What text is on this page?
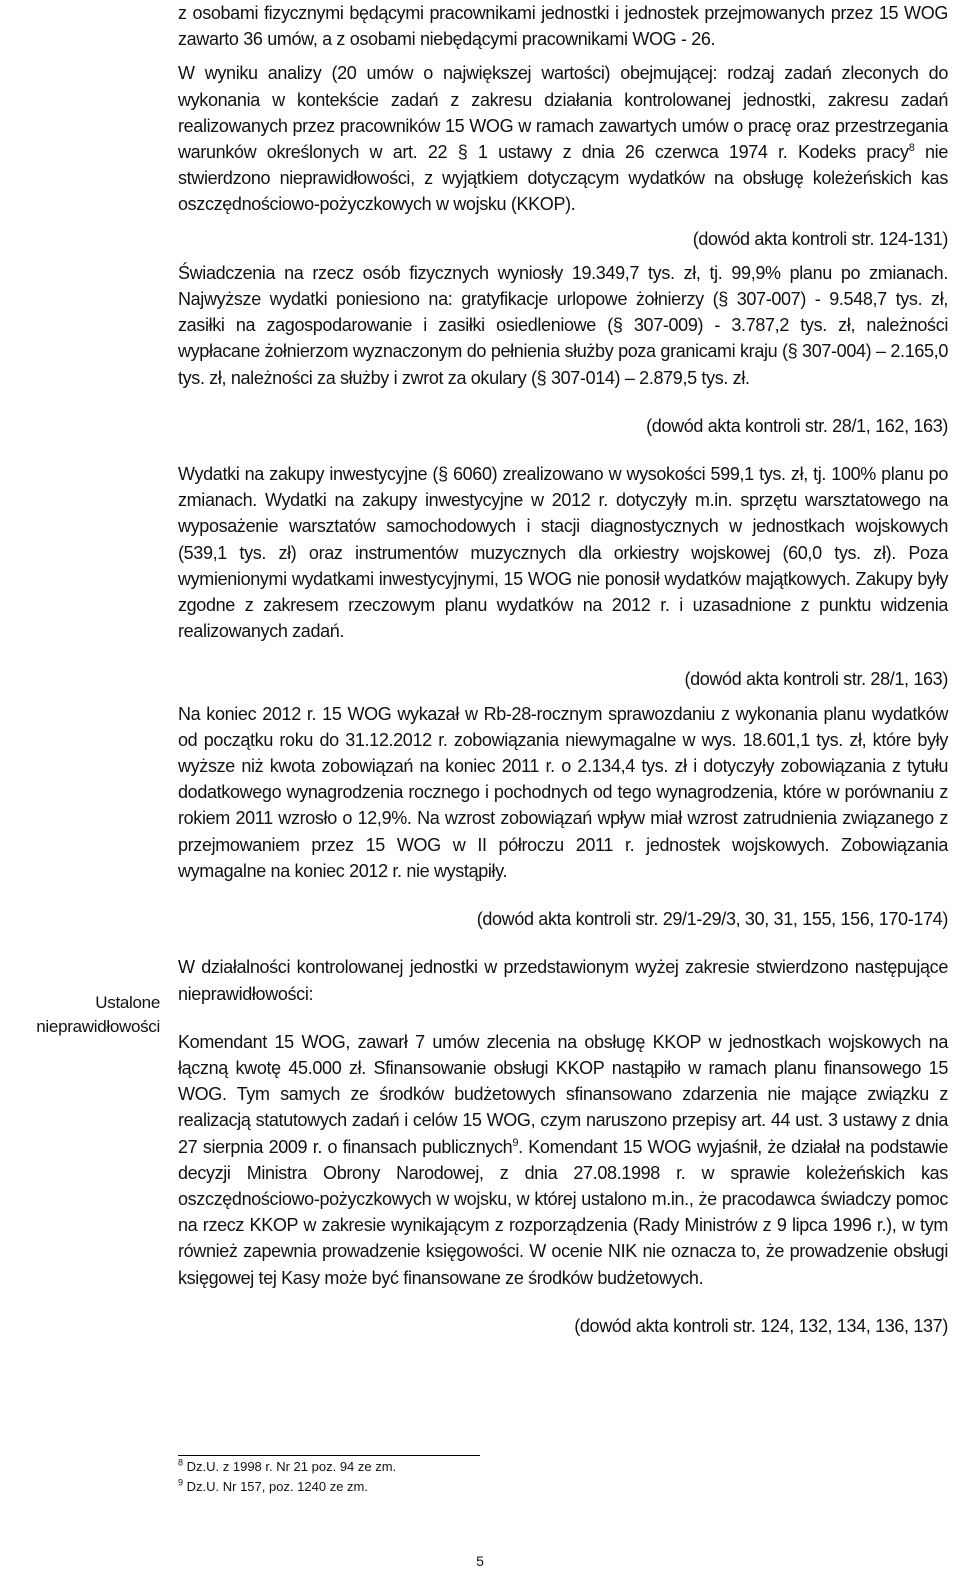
Ustalone
nieprawidłowości

z osobami fizycznymi będącymi pracownikami jednostki i jednostek przejmowanych przez 15 WOG zawarto 36 umów, a z osobami niebędącymi pracownikami WOG - 26.

W wyniku analizy (20 umów o największej wartości) obejmującej: rodzaj zadań zleconych do wykonania w kontekście zadań z zakresu działania kontrolowanej jednostki, zakresu zadań realizowanych przez pracowników 15 WOG w ramach zawartych umów o pracę oraz przestrzegania warunków określonych w art. 22 § 1 ustawy z dnia 26 czerwca 1974 r. Kodeks pracy$^8$ nie stwierdzono nieprawidłowości, z wyjątkiem dotyczącym wydatków na obsługę koleżeńskich kas oszczędnościowo-pożyczkowych w wojsku (KKOP).

(dowód akta kontroli str. 124-131)

Świadczenia na rzecz osób fizycznych wyniosły 19.349,7 tys. zł, tj. 99,9% planu po zmianach. Najwyższe wydatki poniesiono na: gratyfikacje urlopowe żołnierzy (§ 307-007) - 9.548,7 tys. zł, zasiłki na zagospodarowanie i zasiłki osiedleniowe (§ 307-009) - 3.787,2 tys. zł, należności wypłacane żołnierzom wyznaczonym do pełnienia służby poza granicami kraju (§ 307-004) – 2.165,0 tys. zł, należności za służby i zwrot za okulary (§ 307-014) – 2.879,5 tys. zł.

(dowód akta kontroli str. 28/1, 162, 163)

Wydatki na zakupy inwestycyjne (§ 6060) zrealizowano w wysokości 599,1 tys. zł, tj. 100% planu po zmianach. Wydatki na zakupy inwestycyjne w 2012 r. dotyczyły m.in. sprzętu warsztatowego na wyposażenie warsztatów samochodowych i stacji diagnostycznych w jednostkach wojskowych (539,1 tys. zł) oraz instrumentów muzycznych dla orkiestry wojskowej (60,0 tys. zł). Poza wymienionymi wydatkami inwestycyjnymi, 15 WOG nie ponosił wydatków majątkowych. Zakupy były zgodne z zakresem rzeczowym planu wydatków na 2012 r. i uzasadnione z punktu widzenia realizowanych zadań.

(dowód akta kontroli str. 28/1, 163)

Na koniec 2012 r. 15 WOG wykazał w Rb-28-rocznym sprawozdaniu z wykonania planu wydatków od początku roku do 31.12.2012 r. zobowiązania niewymagalne w wys. 18.601,1 tys. zł, które były wyższe niż kwota zobowiązań na koniec 2011 r. o 2.134,4 tys. zł i dotyczyły zobowiązania z tytułu dodatkowego wynagrodzenia rocznego i pochodnych od tego wynagrodzenia, które w porównaniu z rokiem 2011 wzrosło o 12,9%. Na wzrost zobowiązań wpływ miał wzrost zatrudnienia związanego z przejmowaniem przez 15 WOG w II półroczu 2011 r. jednostek wojskowych. Zobowiązania wymagalne na koniec 2012 r. nie wystąpiły.

(dowód akta kontroli str. 29/1-29/3, 30, 31, 155, 156, 170-174)

W działalności kontrolowanej jednostki w przedstawionym wyżej zakresie stwierdzono następujące nieprawidłowości:

Komendant 15 WOG, zawarł 7 umów zlecenia na obsługę KKOP w jednostkach wojskowych na łączną kwotę 45.000 zł. Sfinansowanie obsługi KKOP nastąpiło w ramach planu finansowego 15 WOG. Tym samych ze środków budżetowych sfinansowano zdarzenia nie mające związku z realizacją statutowych zadań i celów 15 WOG, czym naruszono przepisy art. 44 ust. 3 ustawy z dnia 27 sierpnia 2009 r. o finansach publicznych$^9$. Komendant 15 WOG wyjaśnił, że działał na podstawie decyzji Ministra Obrony Narodowej, z dnia 27.08.1998 r. w sprawie koleżeńskich kas oszczędnościowo-pożyczkowych w wojsku, w której ustalono m.in., że pracodawca świadczy pomoc na rzecz KKOP w zakresie wynikającym z rozporządzenia (Rady Ministrów z 9 lipca 1996 r.), w tym również zapewnia prowadzenie księgowości. W ocenie NIK nie oznacza to, że prowadzenie obsługi księgowej tej Kasy może być finansowane ze środków budżetowych.

(dowód akta kontroli str. 124, 132, 134, 136, 137)

$^8$ Dz.U. z 1998 r. Nr 21 poz. 94 ze zm.
$^9$ Dz.U. Nr 157, poz. 1240 ze zm.
5
